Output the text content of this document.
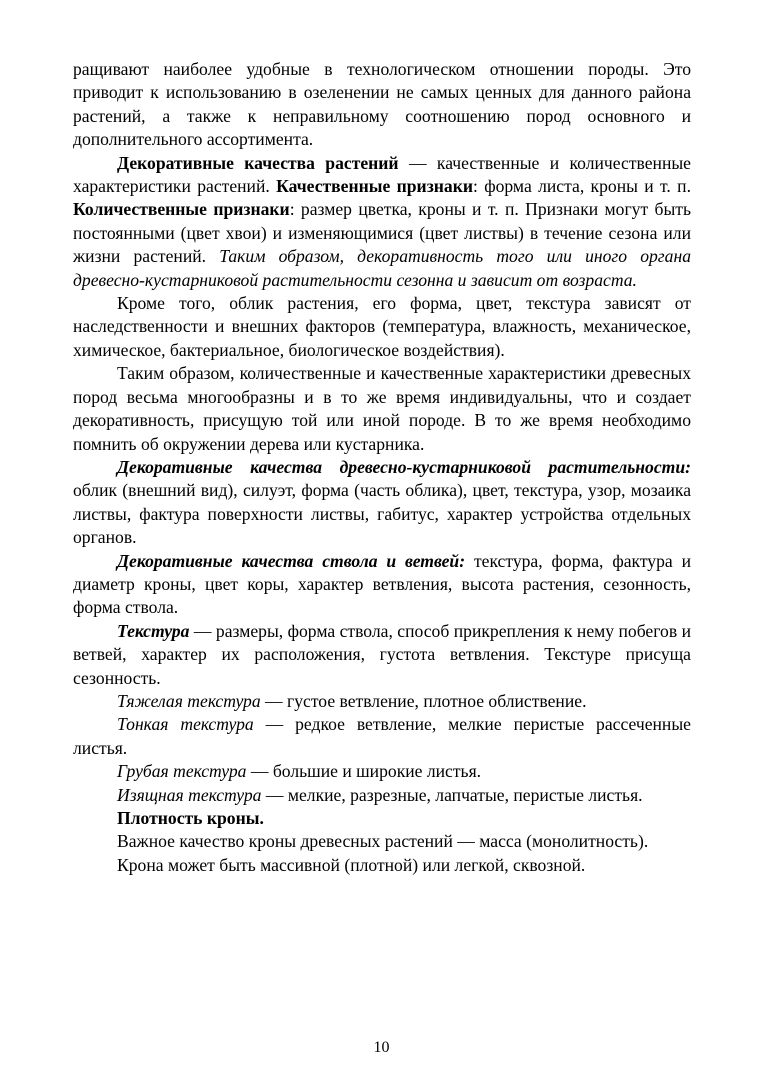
ращивают наиболее удобные в технологическом отношении породы. Это приводит к использованию в озеленении не самых ценных для данного района растений, а также к неправильному соотношению пород основного и дополнительного ассортимента.

Декоративные качества растений — качественные и количественные характеристики растений. Качественные признаки: форма листа, кроны и т. п. Количественные признаки: размер цветка, кроны и т. п. Признаки могут быть постоянными (цвет хвои) и изменяющимися (цвет листвы) в течение сезона или жизни растений. Таким образом, декоративность того или иного органа древесно-кустарниковой растительности сезонна и зависит от возраста.

Кроме того, облик растения, его форма, цвет, текстура зависят от наследственности и внешних факторов (температура, влажность, механическое, химическое, бактериальное, биологическое воздействия).

Таким образом, количественные и качественные характеристики древесных пород весьма многообразны и в то же время индивидуальны, что и создает декоративность, присущую той или иной породе. В то же время необходимо помнить об окружении дерева или кустарника.

Декоративные качества древесно-кустарниковой растительности: облик (внешний вид), силуэт, форма (часть облика), цвет, текстура, узор, мозаика листвы, фактура поверхности листвы, габитус, характер устройства отдельных органов.

Декоративные качества ствола и ветвей: текстура, форма, фактура и диаметр кроны, цвет коры, характер ветвления, высота растения, сезонность, форма ствола.

Текстура — размеры, форма ствола, способ прикрепления к нему побегов и ветвей, характер их расположения, густота ветвления. Текстуре присуща сезонность.

Тяжелая текстура — густое ветвление, плотное облиствение.

Тонкая текстура — редкое ветвление, мелкие перистые рассеченные листья.

Грубая текстура — большие и широкие листья.

Изящная текстура — мелкие, разрезные, лапчатые, перистые листья.

Плотность кроны.

Важное качество кроны древесных растений — масса (монолитность).

Крона может быть массивной (плотной) или легкой, сквозной.

10
